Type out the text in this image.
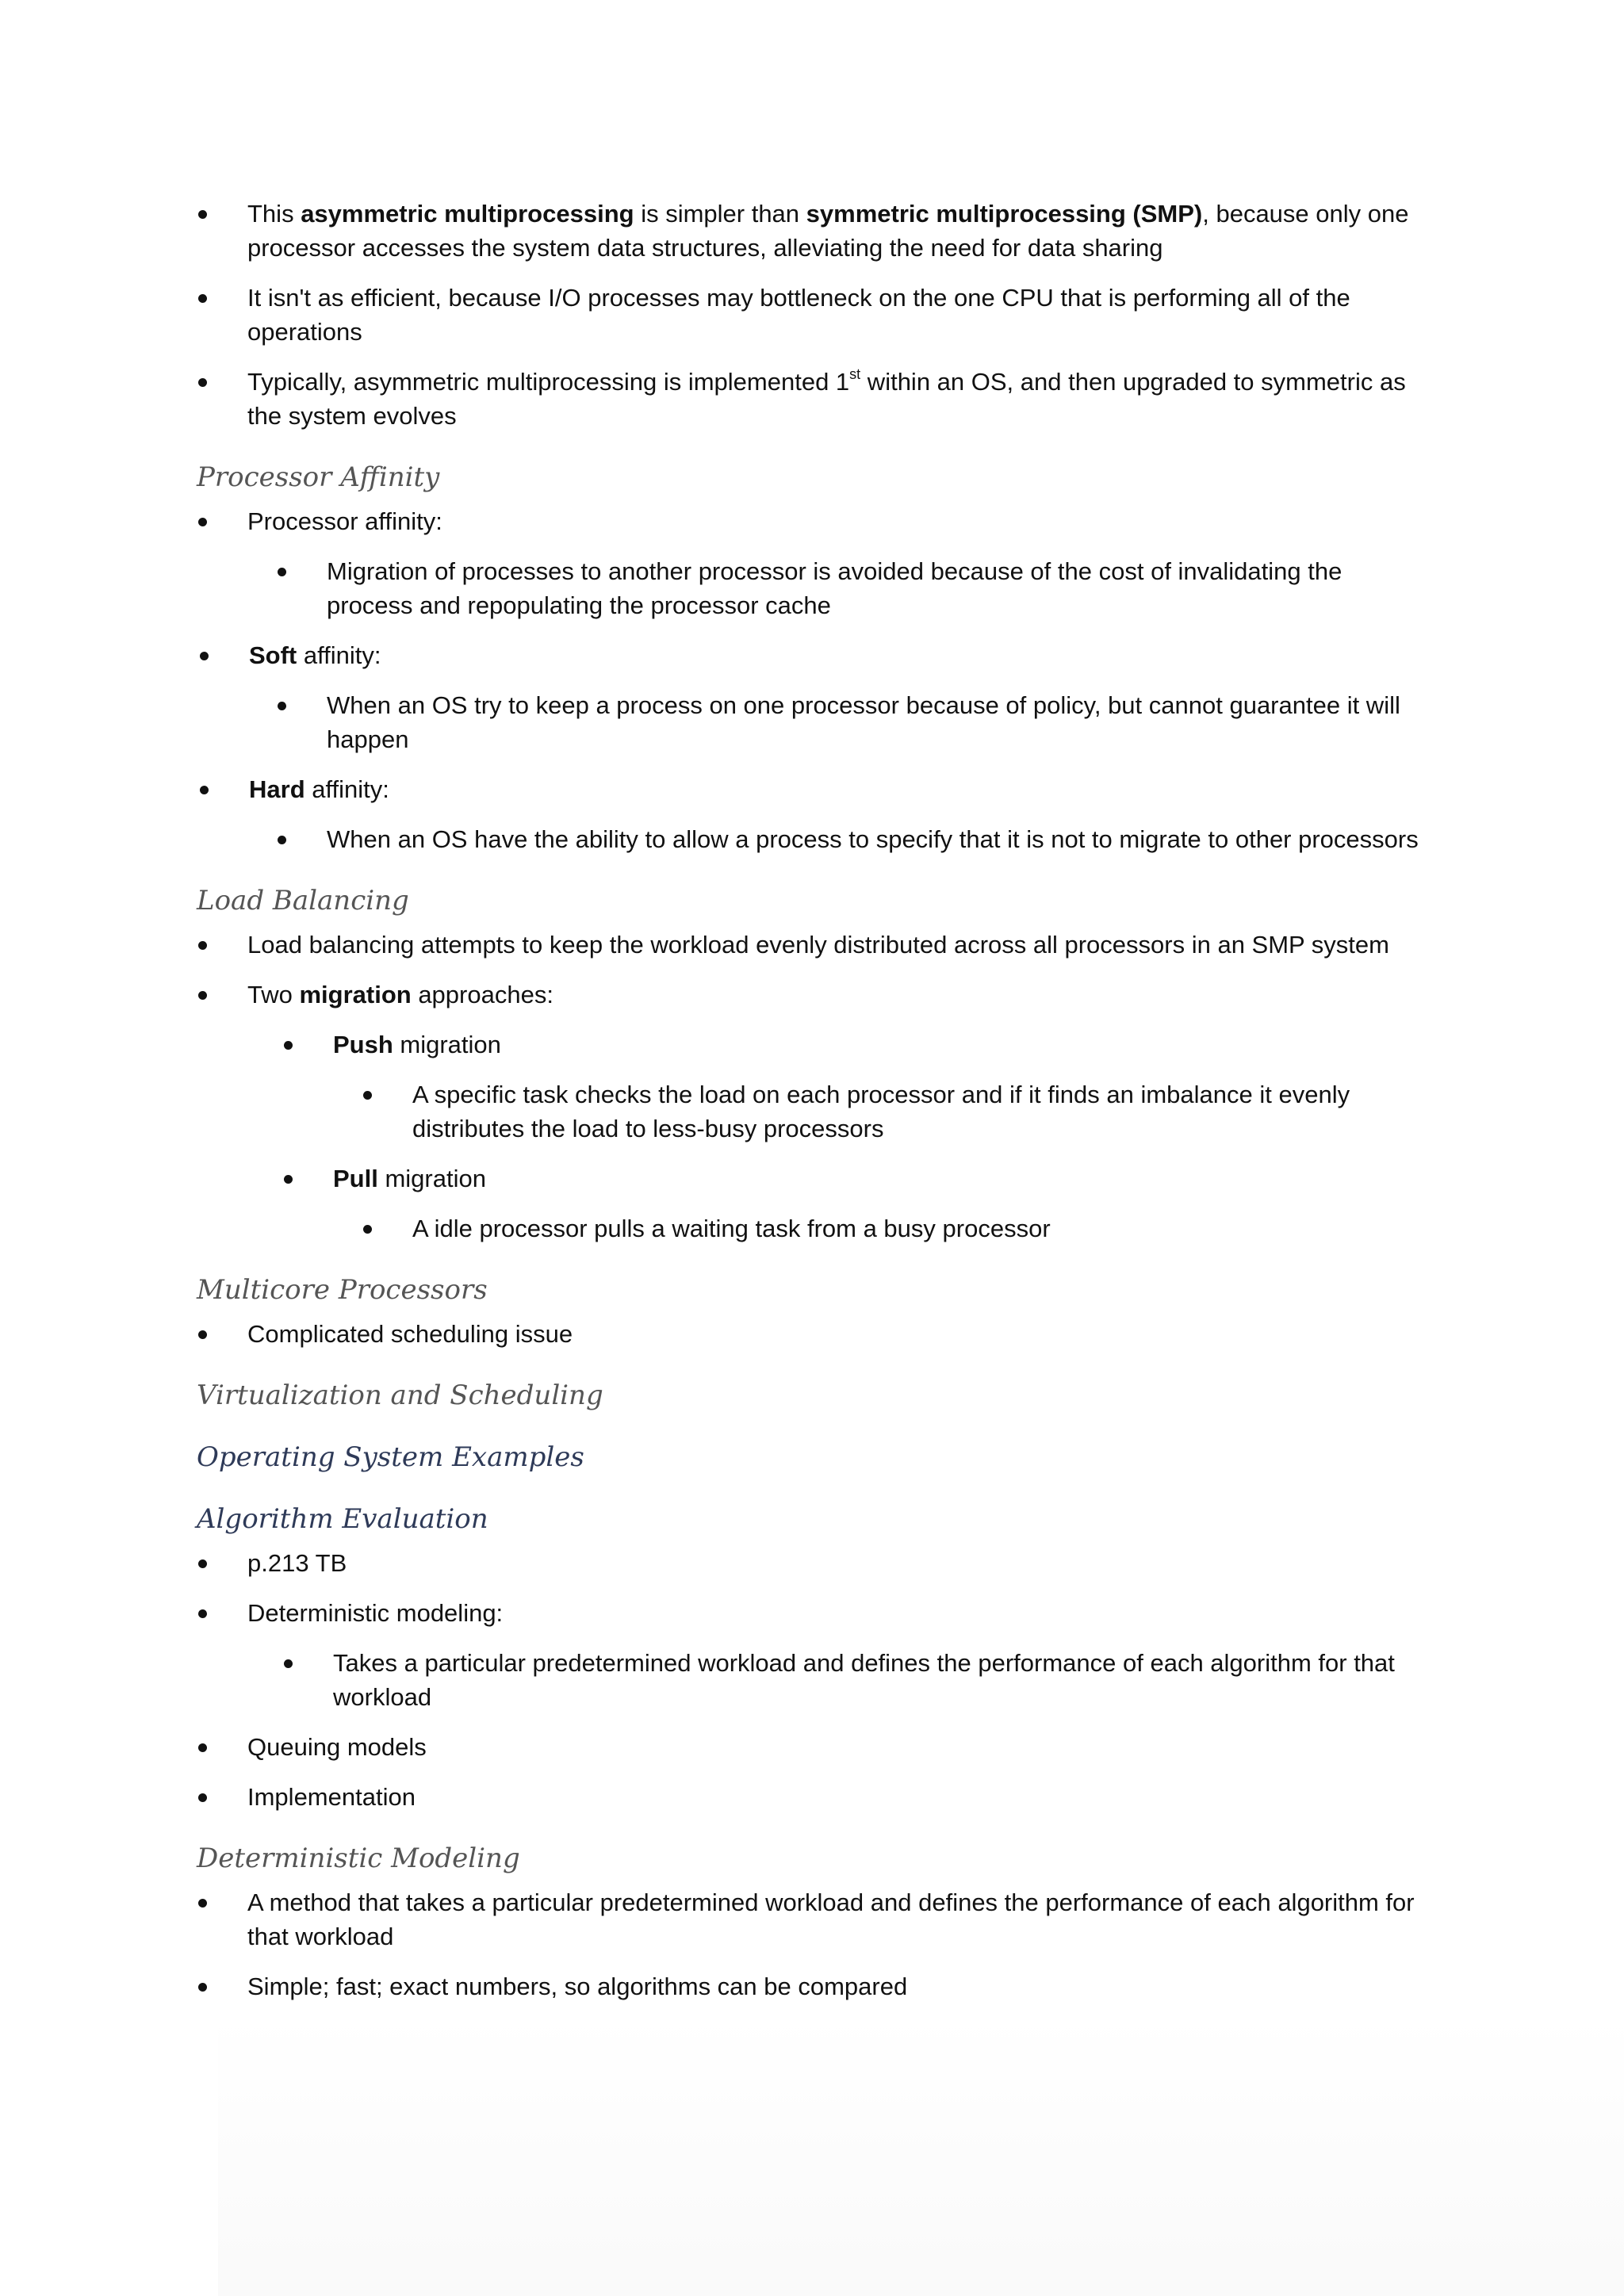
This asymmetric multiprocessing is simpler than symmetric multiprocessing (SMP), because only one processor accesses the system data structures, alleviating the need for data sharing
It isn't as efficient, because I/O processes may bottleneck on the one CPU that is performing all of the operations
Typically, asymmetric multiprocessing is implemented 1st within an OS, and then upgraded to symmetric as the system evolves
Processor Affinity
Processor affinity:
Migration of processes to another processor is avoided because of the cost of invalidating the process and repopulating the processor cache
Soft affinity:
When an OS try to keep a process on one processor because of policy, but cannot guarantee it will happen
Hard affinity:
When an OS have the ability to allow a process to specify that it is not to migrate to other processors
Load Balancing
Load balancing attempts to keep the workload evenly distributed across all processors in an SMP system
Two migration approaches:
Push migration
A specific task checks the load on each processor and if it finds an imbalance it evenly distributes the load to less-busy processors
Pull migration
A idle processor pulls a waiting task from a busy processor
Multicore Processors
Complicated scheduling issue
Virtualization and Scheduling
Operating System Examples
Algorithm Evaluation
p.213 TB
Deterministic modeling:
Takes a particular predetermined workload and defines the performance of each algorithm for that workload
Queuing models
Implementation
Deterministic Modeling
A method that takes a particular predetermined workload and defines the performance of each algorithm for that workload
Simple; fast; exact numbers, so algorithms can be compared
